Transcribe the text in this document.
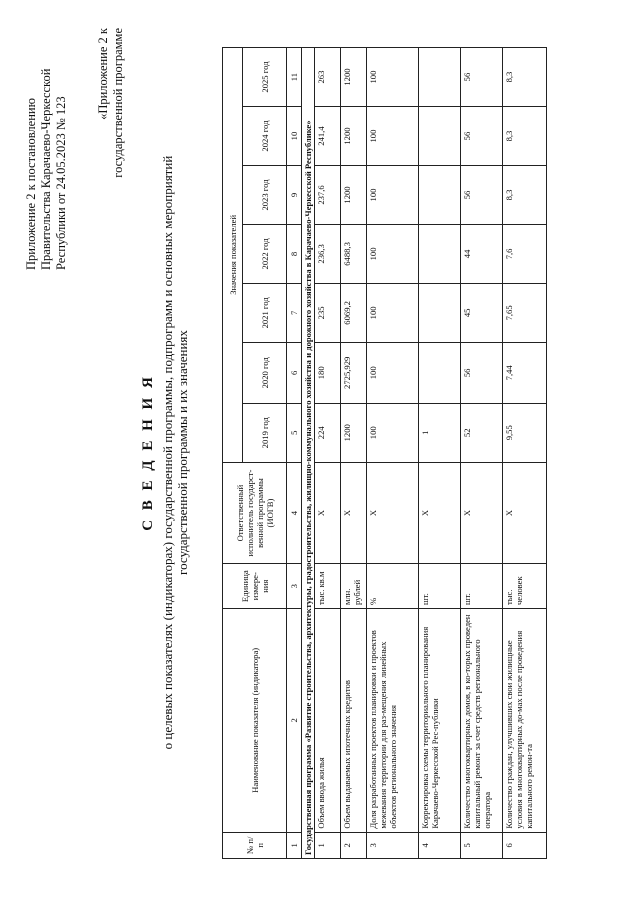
Приложение 2 к постановлению Правительства Карачаево-Черкесской Республики от 24.05.2023 № 123
«Приложение 2 к государственной программе
С В Е Д Е Н И Я о целевых показателях (индикаторах) государственной программы, подпрограмм и основных мероприятий государственной программы и их значениях
№ п/п	Наименование показателя (индикатора)	Единица измере-ния	Ответственный исполнитель государст-венной программы (ИОГВ)	Значения показателей						
				2019 год	2020 год	2021 год	2022 год	2023 год	2024 год	2025 год
1	2	3	4	5	6	7	8	9	10	11
Государственная программа «Развитие строительства, архитектуры, градостроительства, жилищно-коммунального хозяйства и дорожного хозяйства в Карачаево-Черкесской Республике»										
1	Объем ввода жилья	тыс. кв.м	Х	224	180	235	236,3	237,6	241,4	263
2	Объем выдаваемых ипотечных кредитов	млн. рублей	Х	1200	2725,929	6069,2	6488,3	1200	1200	1200
3	Доля разработанных проектов планировки и проектов межевания территории для раз-мещения линейных объектов регионального значения	%	Х	100	100	100	100	100	100	100
4	Корректировка схемы территориального планирования Карачаево-Черкесской Рес-публики	шт.	Х	1						
5	Количество многоквартирных домов, в ко-торых проведен капитальный ремонт за счет средств регионального оператора	шт.	Х	52	56	45	44	56	56	56
6	Количество граждан, улучшивших свои жилищные условия в многоквартирных до-мах после проведения капитального ремон-та	тыс. человек	Х	9,55	7,44	7,65	7,6	8,3	8,3	8,3
